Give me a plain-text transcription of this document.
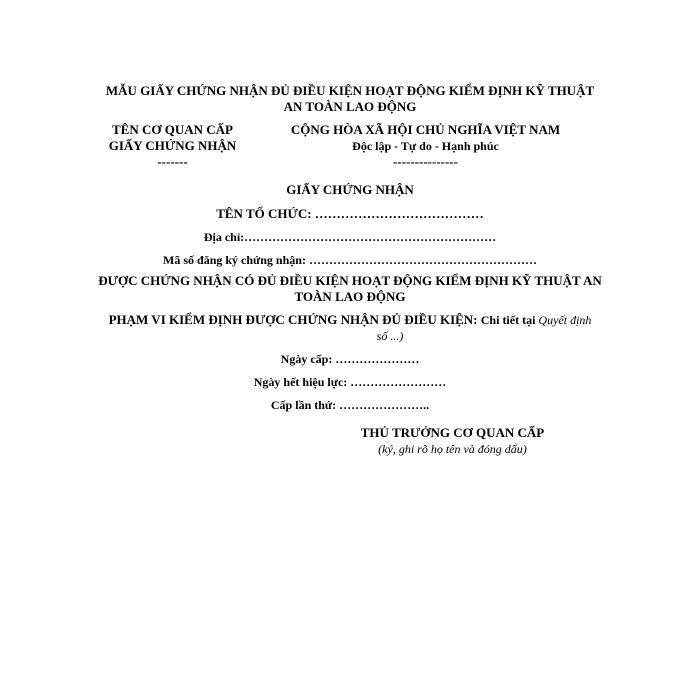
MẪU GIẤY CHỨNG NHẬN ĐỦ ĐIỀU KIỆN HOẠT ĐỘNG KIỂM ĐỊNH KỸ THUẬT
AN TOÀN LAO ĐỘNG
TÊN CƠ QUAN CẤP
GIẤY CHỨNG NHẬN
-------
CỘNG HÒA XÃ HỘI CHỦ NGHĨA VIỆT NAM
Độc lập - Tự do - Hạnh phúc
---------------
GIẤY CHỨNG NHẬN
TÊN TỔ CHỨC: …………………………………
Địa chỉ:………………………………………………………
Mã số đăng ký chứng nhận: …………………………………………………
ĐƯỢC CHỨNG NHẬN CÓ ĐỦ ĐIỀU KIỆN HOẠT ĐỘNG KIỂM ĐỊNH KỸ THUẬT AN
TOÀN LAO ĐỘNG
PHẠM VI KIỂM ĐỊNH ĐƯỢC CHỨNG NHẬN ĐỦ ĐIỀU KIỆN: Chi tiết tại Quyết định
số ...)
Ngày cấp: …………………
Ngày hết hiệu lực: ……………………
Cấp lần thứ: …………………..
THỦ TRƯỞNG CƠ QUAN CẤP
(ký, ghi rõ họ tên và đóng dấu)
